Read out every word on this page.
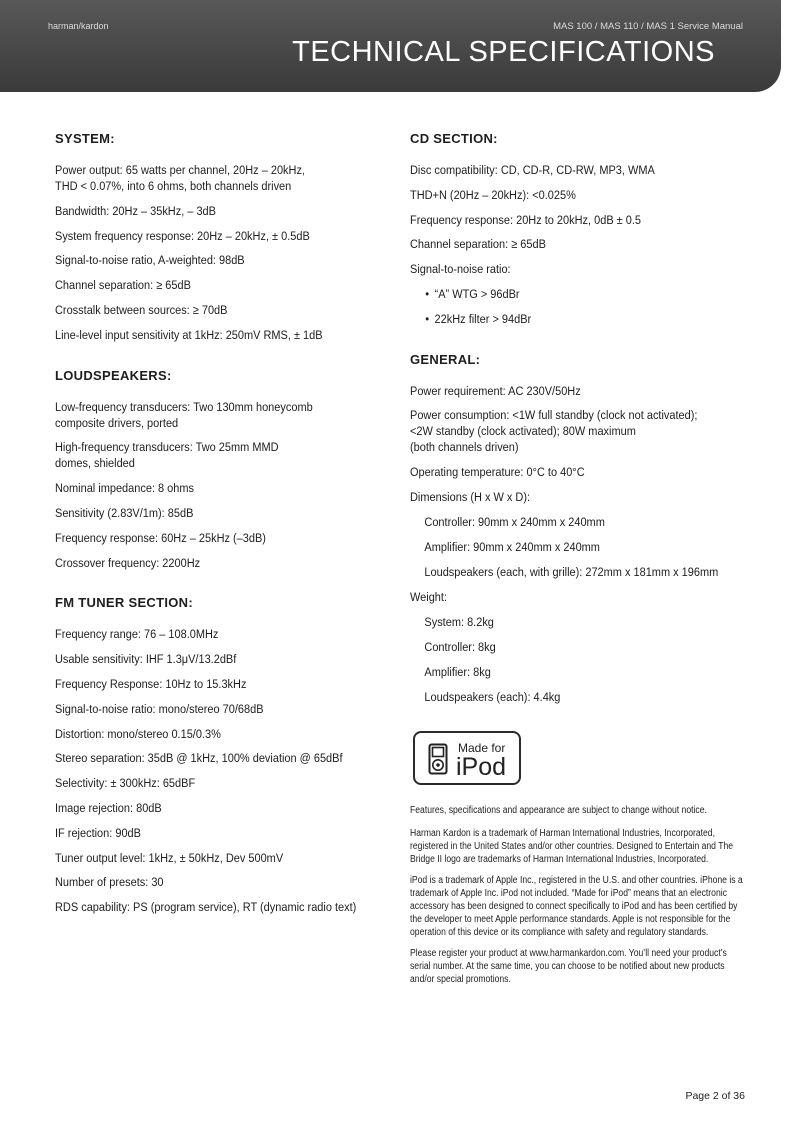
harman/kardon	MAS 100 / MAS 110 / MAS 1 Service Manual
TECHNICAL SPECIFICATIONS
SYSTEM:
Power output: 65 watts per channel, 20Hz – 20kHz,
THD < 0.07%, into 6 ohms, both channels driven
Bandwidth: 20Hz – 35kHz, – 3dB
System frequency response: 20Hz – 20kHz, ± 0.5dB
Signal-to-noise ratio, A-weighted: 98dB
Channel separation: ≥ 65dB
Crosstalk between sources: ≥ 70dB
Line-level input sensitivity at 1kHz: 250mV RMS, ± 1dB
LOUDSPEAKERS:
Low-frequency transducers: Two 130mm honeycomb
composite drivers, ported
High-frequency transducers: Two 25mm MMD
domes, shielded
Nominal impedance: 8 ohms
Sensitivity (2.83V/1m): 85dB
Frequency response: 60Hz – 25kHz (–3dB)
Crossover frequency: 2200Hz
FM TUNER SECTION:
Frequency range: 76 – 108.0MHz
Usable sensitivity: IHF 1.3μV/13.2dBf
Frequency Response: 10Hz to 15.3kHz
Signal-to-noise ratio: mono/stereo 70/68dB
Distortion: mono/stereo 0.15/0.3%
Stereo separation: 35dB @ 1kHz, 100% deviation @ 65dBf
Selectivity: ± 300kHz: 65dBF
Image rejection: 80dB
IF rejection: 90dB
Tuner output level: 1kHz, ± 50kHz, Dev 500mV
Number of presets: 30
RDS capability: PS (program service), RT (dynamic radio text)
CD SECTION:
Disc compatibility: CD, CD-R, CD-RW, MP3, WMA
THD+N (20Hz – 20kHz): <0.025%
Frequency response: 20Hz to 20kHz, 0dB ± 0.5
Channel separation: ≥ 65dB
Signal-to-noise ratio:
• “A” WTG > 96dBr
• 22kHz filter > 94dBr
GENERAL:
Power requirement: AC 230V/50Hz
Power consumption: <1W full standby (clock not activated);
<2W standby (clock activated); 80W maximum
(both channels driven)
Operating temperature: 0°C to 40°C
Dimensions (H x W x D):
Controller: 90mm x 240mm x 240mm
Amplifier: 90mm x 240mm x 240mm
Loudspeakers (each, with grille): 272mm x 181mm x 196mm
Weight:
System: 8.2kg
Controller: 8kg
Amplifier: 8kg
Loudspeakers (each): 4.4kg
Made for
iPod
Features, specifications and appearance are subject to change without notice.
Harman Kardon is a trademark of Harman International Industries, Incorporated, registered in the United States and/or other countries. Designed to Entertain and The Bridge II logo are trademarks of Harman International Industries, Incorporated.
iPod is a trademark of Apple Inc., registered in the U.S. and other countries. iPhone is a trademark of Apple Inc. iPod not included. “Made for iPod” means that an electronic accessory has been designed to connect specifically to iPod and has been certified by the developer to meet Apple performance standards. Apple is not responsible for the operation of this device or its compliance with safety and regulatory standards.
Please register your product at www.harmankardon.com. You’ll need your product’s serial number. At the same time, you can choose to be notified about new products and/or special promotions.
Page 2 of 36
